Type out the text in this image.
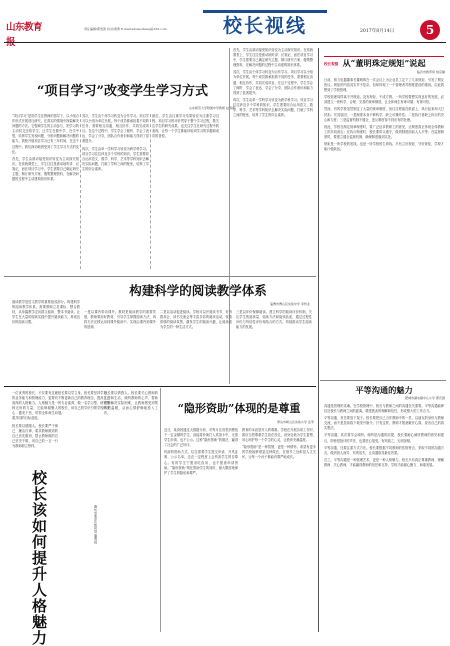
山东教育报
责任编辑/郭贵善 校对/黄勇 E-mail:sdxiaozhang@163.com	校长视线	2017年8月14日	5
“项目学习”改变学生学习方式
山东师范大学附属中学教师 赵春燕

“项目学习”是指学生在教师的指导下，以小组合作形式开展项目研究，在真实的情境中探索解决问题的方法。它强调学生的主动参与，把学习的主动权交还给学生，让学生在做中学、在学中思，培养学生发现问题、分析问题和解决问题的能力。我校开展项目学习已有三年时间，在这个过程中，我们深切地感受到了学生学习方式的变化。

首先，学生由被动接受知识转变为主动探究知识。在传统课堂上，学生往往是被动地听讲、记笔记，而在项目学习中，学生需要自己确定研究主题、制订研究方案、搜集整理资料，在解决问题的过程中主动建构知识体系。

其次，学生由个体学习转变为合作学习。项目学习以小组为单位开展，每个成员都承担着不同的任务，需要相互沟通、相互协作，共同完成项目。在这个过程中，学生学会了倾听、学会了表达、学会了分享，团队合作意识和能力得到了显著提升。

再次，学生由单一学科学习转变为跨学科学习。项目学习往往涉及多个学科的知识，学生需要综合运用语文、数学、科学、艺术等学科知识去解决实际问题，打破了学科之间的壁垒，培养了学生的综合素养。

最后，学生由注重学习结果转变为注重学习过程。项目学习的评价贯穿于整个学习过程，既关注学生的研究成果，也关注学生在研究过程中的表现，让每一个学生都能体验到学习的乐趣和成功的喜悦。

首先，学生由被动接受知识转变为主动探究知识。在传统课堂上，学生往往是被动地听讲、记笔记，而在项目学习中，学生需要自己确定研究主题、制订研究方案、搜集整理资料，在解决问题的过程中主动建构知识体系。

其次，学生由个体学习转变为合作学习。项目学习以小组为单位开展，每个成员都承担着不同的任务，需要相互沟通、相互协作，共同完成项目。在这个过程中，学生学会了倾听、学会了表达、学会了分享，团队合作意识和能力得到了显著提升。

再次，学生由单一学科学习转变为跨学科学习。项目学习往往涉及多个学科的知识，学生需要综合运用语文、数学、科学、艺术等学科知识去解决实际问题，打破了学科之间的壁垒，培养了学生的综合素养。

构建科学的阅读教学体系
淄博市博山区实验中学 李传业

阅读教学是语文教学的重要组成部分。构建科学的阅读教学体系，需要教师立足课标、整合教材，从单篇教学走向群文阅读、整本书阅读，让学生在大量的阅读实践中提升阅读能力，养成良好的阅读习惯。

一是以课内带动课外。教材是阅读教学的重要凭借，教师要用好教材，引导学生掌握阅读方法，再将方法迁移运用到课外阅读中，实现由课内到课外的延伸。

二是以活动促进阅读。学校可以开展读书节、好书推荐会、读书交流会等丰富多彩的阅读活动，营造浓厚的阅读氛围，激发学生的阅读兴趣，让阅读成为学生的一种生活方式。

三是以评价保障阅读。建立科学的阅读评价机制，关注学生的阅读量、阅读方法和阅读品质，通过过程性评价与终结性评价相结合的方式，持续推动学生阅读能力的发展。

一位优秀的校长，不仅要有过硬的业务能力和管理能力，更要有高尚的人格魅力。人格魅力是一种无形的力量，它能够凝聚人心、激发干劲，带领全体师生向着共同的目标奋进。

校长要以德服人。校长要严于律己、廉洁自律，要求教师做到的自己首先做到，禁止教师做的自己坚决不做，用自己的一言一行为教师树立榜样。

校长该如何提升人格魅力	潍坊市寒亭区教育局 康明超

校长要以学立身。校长要坚持学习，不断更新自己的教育理念，提高自己的专业素养，做一名学习型、研究型的校长，用自己的学识引领学校的发展。

校长要以情感人。校长要关心教师的工作和生活，倾听教师的心声，帮助教师解决实际困难，让教师感受到集体的温暖，从而心情舒畅地投入工作。	“隐形资助”体现的是尊重
青岛市崂山区实验小学 张军

近日，某高校通过大数据分析，对每月在食堂消费低于一定金额的学生，直接将补助打入其饭卡中，无需学生申请，也不公示。这种“隐形资助”的做法，赢得了社会的广泛好评。

传统的资助方式，往往需要学生提交申请、开具证明、公示名单，这在一定程度上会伤害学生的自尊心。有的学生宁愿省吃俭用，也不愿意申请资助。“隐形资助”则在帮助学生的同时，最大限度地保护了学生的隐私和尊严。

教育的本质是对人的尊重。学校在开展各项工作时，都应当把尊重学生放在首位，设身处地为学生着想，用心呵护每一个学生的心灵，让教育充满温度。

“隐形资助”是一种智慧，更是一种情怀。希望有更多的学校能够借鉴这种做法，在细节之处彰显人文关怀，让每一个孩子都能有尊严地成长。

校长观察 从“董明珠定规矩”说起
临沂市教育局 柏京翰

日前，格力电器董事长董明珠在一次会议上为企业员工定下了几条规矩，引发了网友热议。规矩的内容其实并不复杂，但却体现了一个管理者对制度建设的重视。由此我想到了学校管理。

学校管理同样离不开规矩。没有规矩，不成方圆。一所学校要想实现良好的发展，必须建立一套科学、合理、完善的规章制度，让全体师生有章可循、有规可依。

然而，有的学校虽然制定了大量的规章制度，但往往停留在纸面上，执行起来却大打折扣。究其原因，一是制度本身不够科学，缺乏可操作性；二是执行者缺乏执行的决心和力度；三是监督机制不健全，违反制度得不到应有的处理。

因此，学校在制定规章制度时，要广泛征求教职工的意见，让制度真正体现全体教职工的共同意志；在执行制度时，校长要带头遵守，做到制度面前人人平等；在监督制度时，要建立健全监督机制，确保制度落到实处。

规矩是一所学校的底线，也是一所学校的生命线。只有立好规矩、守好规矩，学校才能行稳致远。

平等沟通的魅力
肥城市湖屯镇中心小学 郭庆国

沟通是管理的灵魂。在学校管理中，校长与教师之间的沟通至关重要。平等沟通能够拉近校长与教师之间的距离，增进彼此的理解和信任，形成强大的工作合力。

平等沟通，首先要放下架子。校长要把自己当作教师中的一员，以朋友的身份与教师交流，而不是居高临下地发号施令。只有这样，教师才愿意敞开心扉，说出自己的真实想法。

平等沟通，其次要学会倾听。倾听是沟通的前提，校长要耐心倾听教师的意见和建议，即使是批评的声音，也要虚心接受，有则改之，无则加勉。

平等沟通，还要注重方式方法。校长要根据不同教师的性格特点，采取不同的沟通方式，做到因人而异、有的放矢，让沟通取得最佳效果。

总之，平等沟通是一种管理艺术，更是一种人格魅力。校长只有真正尊重教师、理解教师、关心教师，才能赢得教师的信任和支持，学校才能凝心聚力、和谐发展。
